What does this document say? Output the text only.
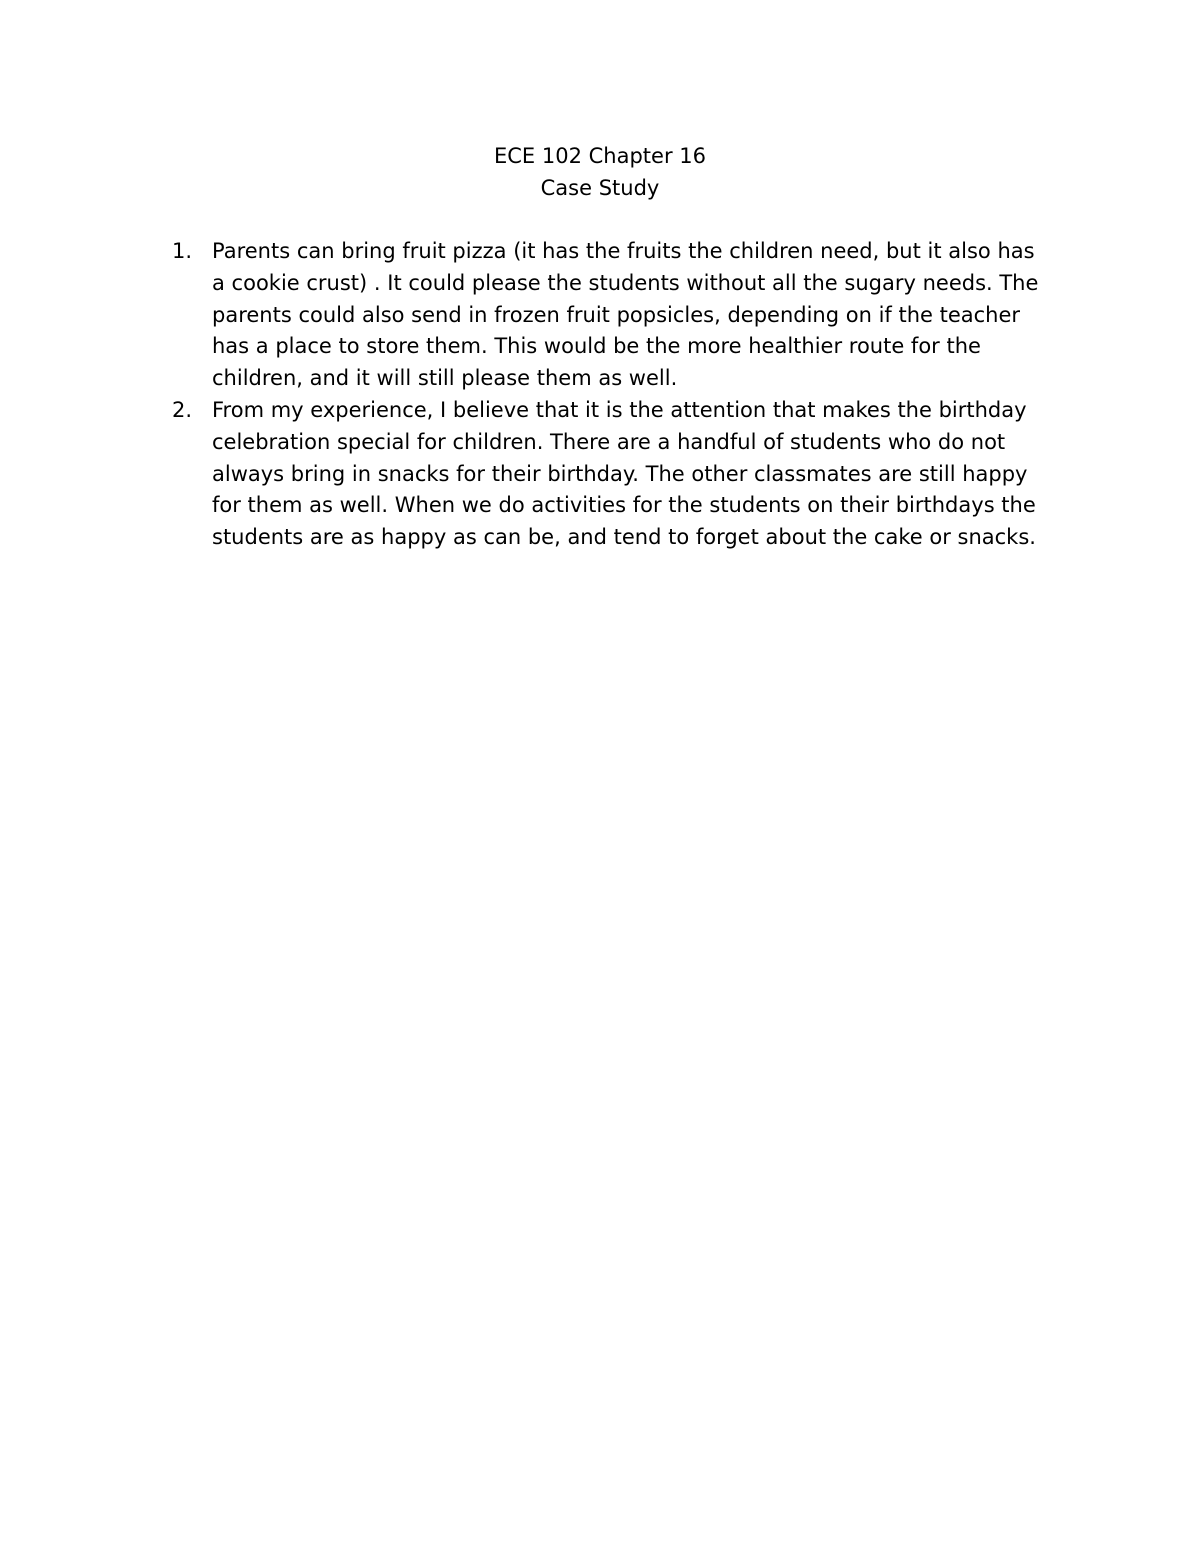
ECE 102 Chapter 16
Case Study
1. Parents can bring fruit pizza (it has the fruits the children need, but it also has
a cookie crust) . It could please the students without all the sugary needs. The
parents could also send in frozen fruit popsicles, depending on if the teacher
has a place to store them. This would be the more healthier route for the
children, and it will still please them as well.
2. From my experience, I believe that it is the attention that makes the birthday
celebration special for children. There are a handful of students who do not
always bring in snacks for their birthday. The other classmates are still happy
for them as well. When we do activities for the students on their birthdays the
students are as happy as can be, and tend to forget about the cake or snacks.
